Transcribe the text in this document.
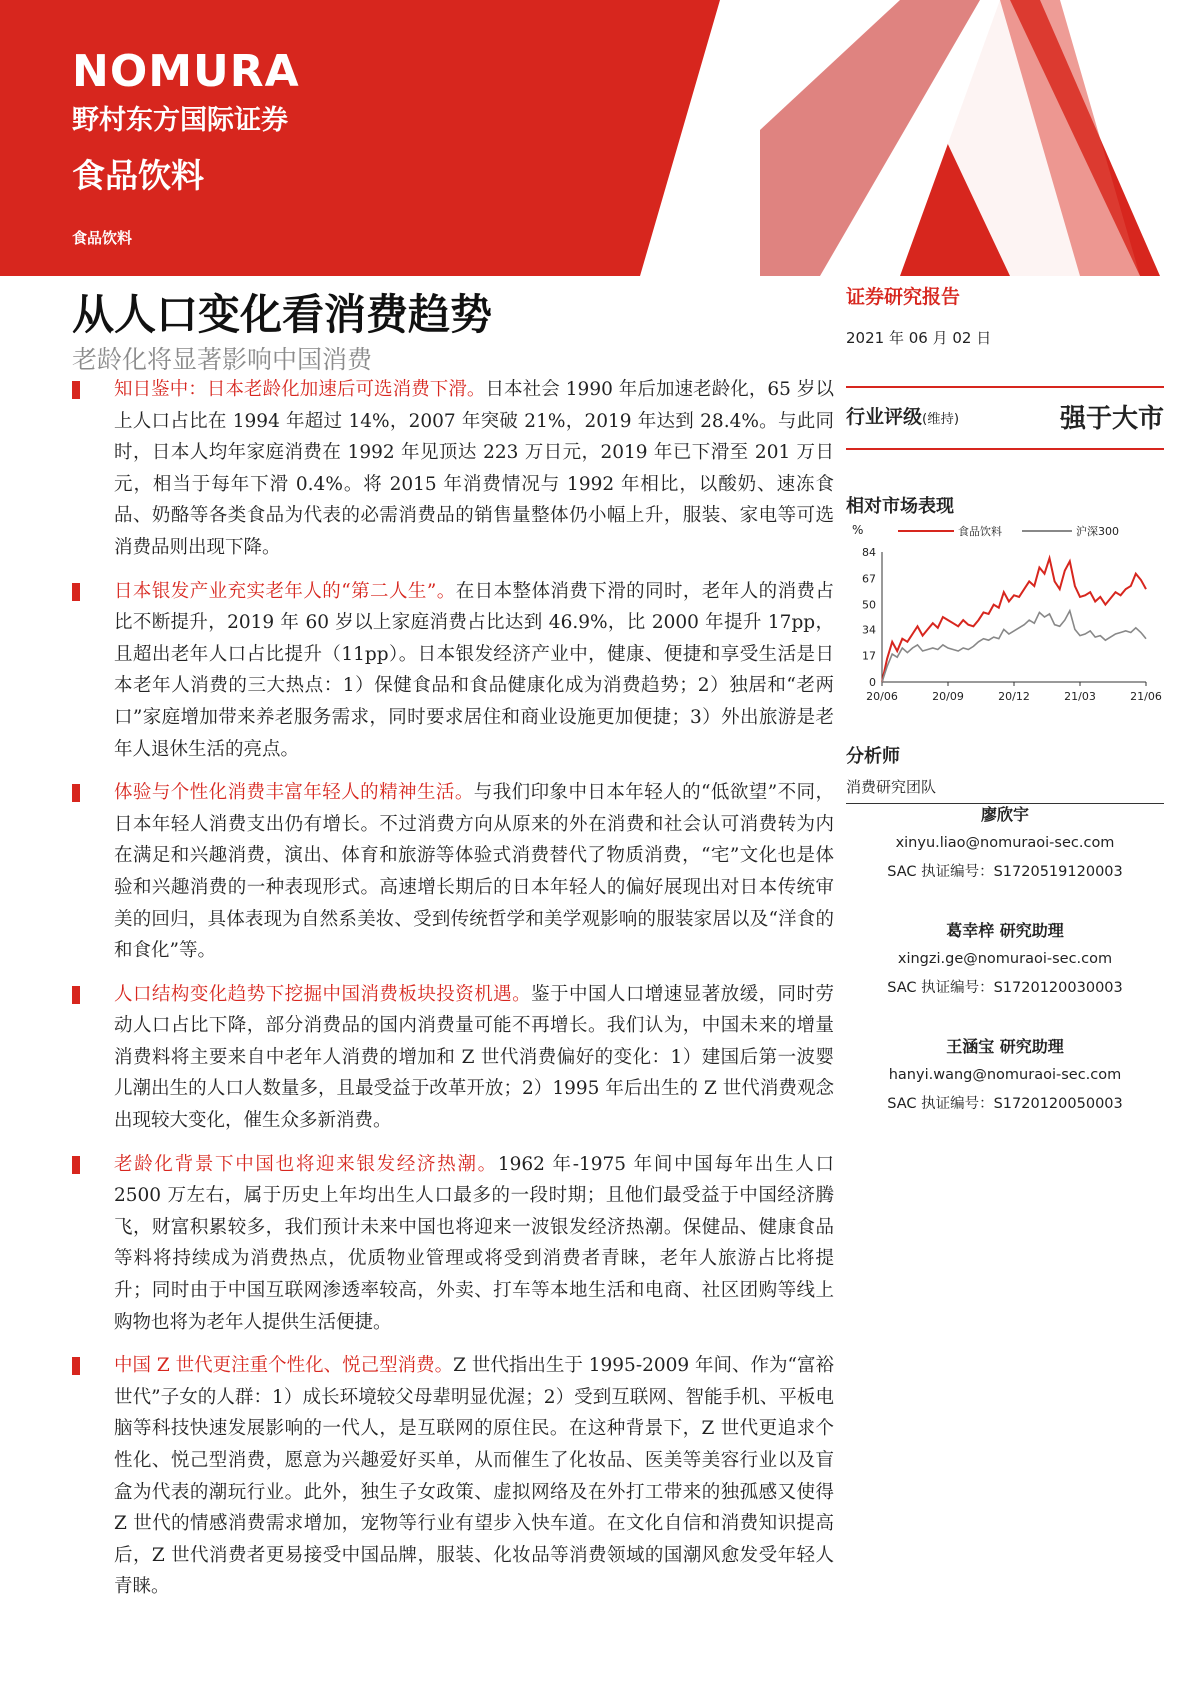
NOMURA
野村东方国际证券
食品饮料
食品饮料
从人口变化看消费趋势
老龄化将显著影响中国消费
知日鉴中：日本老龄化加速后可选消费下滑。日本社会 1990 年后加速老龄化，65 岁以上人口占比在 1994 年超过 14%，2007 年突破 21%，2019 年达到 28.4%。与此同时，日本人均年家庭消费在 1992 年见顶达 223 万日元，2019 年已下滑至 201 万日元，相当于每年下滑 0.4%。将 2015 年消费情况与 1992 年相比，以酸奶、速冻食品、奶酪等各类食品为代表的必需消费品的销售量整体仍小幅上升，服装、家电等可选消费品则出现下降。
日本银发产业充实老年人的“第二人生”。在日本整体消费下滑的同时，老年人的消费占比不断提升，2019 年 60 岁以上家庭消费占比达到 46.9%，比 2000 年提升 17pp，且超出老年人口占比提升（11pp）。日本银发经济产业中，健康、便捷和享受生活是日本老年人消费的三大热点：1）保健食品和食品健康化成为消费趋势；2）独居和“老两口”家庭增加带来养老服务需求，同时要求居住和商业设施更加便捷；3）外出旅游是老年人退休生活的亮点。
体验与个性化消费丰富年轻人的精神生活。与我们印象中日本年轻人的“低欲望”不同，日本年轻人消费支出仍有增长。不过消费方向从原来的外在消费和社会认可消费转为内在满足和兴趣消费，演出、体育和旅游等体验式消费替代了物质消费，“宅”文化也是体验和兴趣消费的一种表现形式。高速增长期后的日本年轻人的偏好展现出对日本传统审美的回归，具体表现为自然系美妆、受到传统哲学和美学观影响的服装家居以及“洋食的和食化”等。
人口结构变化趋势下挖掘中国消费板块投资机遇。鉴于中国人口增速显著放缓，同时劳动人口占比下降，部分消费品的国内消费量可能不再增长。我们认为，中国未来的增量消费料将主要来自中老年人消费的增加和 Z 世代消费偏好的变化：1）建国后第一波婴儿潮出生的人口人数量多，且最受益于改革开放；2）1995 年后出生的 Z 世代消费观念出现较大变化，催生众多新消费。
老龄化背景下中国也将迎来银发经济热潮。1962 年-1975 年间中国每年出生人口 2500 万左右，属于历史上年均出生人口最多的一段时期；且他们最受益于中国经济腾飞，财富积累较多，我们预计未来中国也将迎来一波银发经济热潮。保健品、健康食品等料将持续成为消费热点，优质物业管理或将受到消费者青睐，老年人旅游占比将提升；同时由于中国互联网渗透率较高，外卖、打车等本地生活和电商、社区团购等线上购物也将为老年人提供生活便捷。
中国 Z 世代更注重个性化、悦己型消费。Z 世代指出生于 1995-2009 年间、作为“富裕世代”子女的人群：1）成长环境较父母辈明显优渥；2）受到互联网、智能手机、平板电脑等科技快速发展影响的一代人，是互联网的原住民。在这种背景下，Z 世代更追求个性化、悦己型消费，愿意为兴趣爱好买单，从而催生了化妆品、医美等美容行业以及盲盒为代表的潮玩行业。此外，独生子女政策、虚拟网络及在外打工带来的独孤感又使得 Z 世代的情感消费需求增加，宠物等行业有望步入快车道。在文化自信和消费知识提高后，Z 世代消费者更易接受中国品牌，服装、化妆品等消费领域的国潮风愈发受年轻人青睐。
证券研究报告
2021 年 06 月 02 日
行业评级(维持)	强于大市
相对市场表现
%	食品饮料	沪深300
84
67
50
34
17
0
20/06	20/09	20/12	21/03	21/06
分析师
消费研究团队
廖欣宇
xinyu.liao@nomuraoi-sec.com
SAC 执证编号：S1720519120003
葛幸梓 研究助理
xingzi.ge@nomuraoi-sec.com
SAC 执证编号：S1720120030003
王涵宝 研究助理
hanyi.wang@nomuraoi-sec.com
SAC 执证编号：S1720120050003
